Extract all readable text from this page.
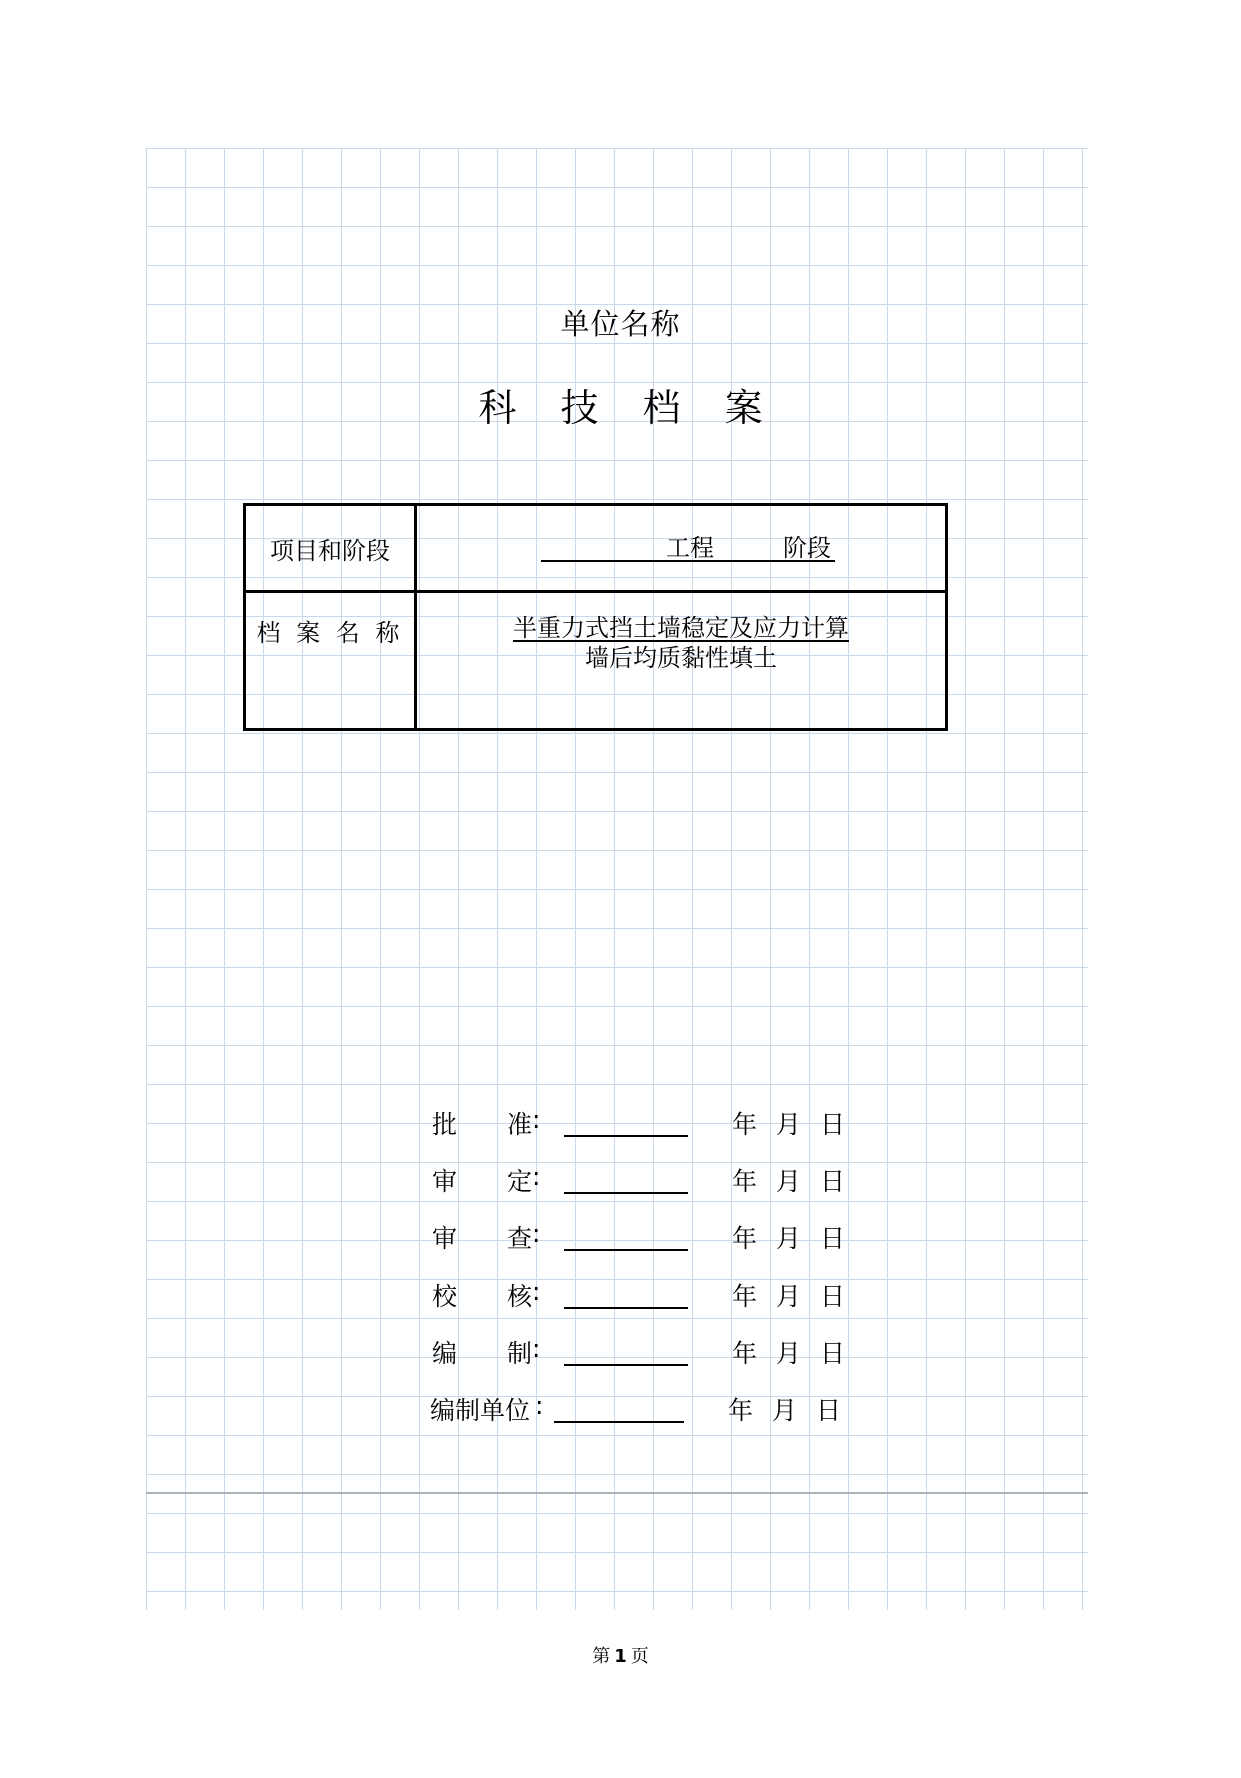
单位名称
科 技 档 案
项目和阶段	工程 阶段

档 案 名 称	半重力式挡土墙稳定及应力计算
墙后均质黏性填土
批　　准 :	年 月 日
审　　定 :	年 月 日
审　　查 :	年 月 日
校　　核 :	年 月 日
编　　制 :	年 月 日
编制单位 :	年 月 日
第 1 页
